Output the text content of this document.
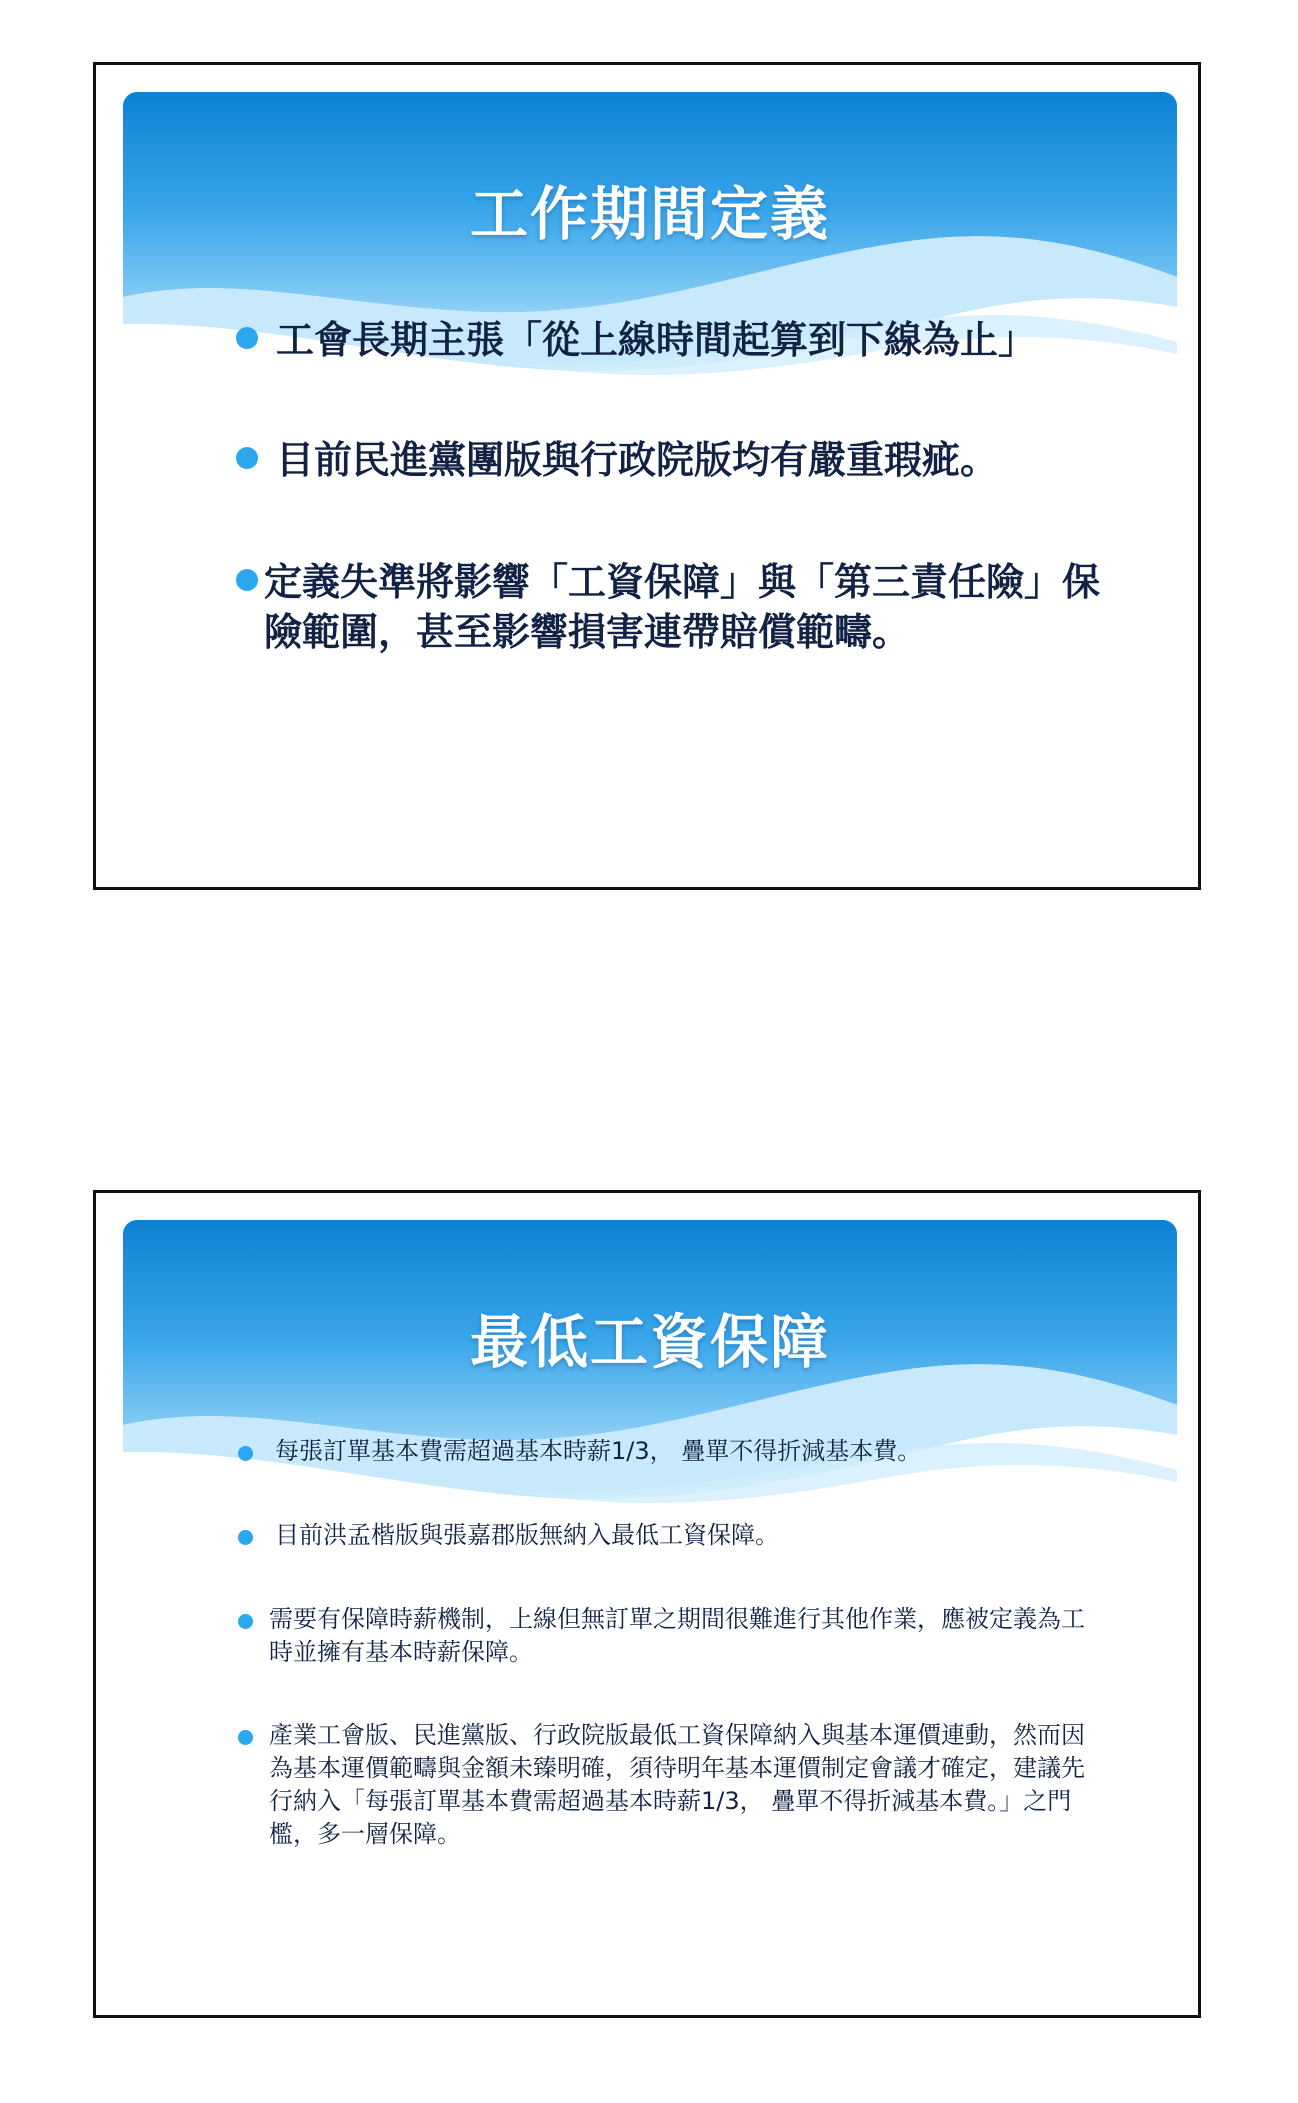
工作期間定義
工會長期主張「從上線時間起算到下線為止」
目前民進黨團版與行政院版均有嚴重瑕疵。
定義失準將影響「工資保障」與「第三責任險」保險範圍，甚至影響損害連帶賠償範疇。
最低工資保障
每張訂單基本費需超過基本時薪1/3， 疊單不得折減基本費。
目前洪孟楷版與張嘉郡版無納入最低工資保障。
需要有保障時薪機制，上線但無訂單之期間很難進行其他作業，應被定義為工時並擁有基本時薪保障。
產業工會版、民進黨版、行政院版最低工資保障納入與基本運價連動，然而因為基本運價範疇與金額未臻明確，須待明年基本運價制定會議才確定，建議先行納入「每張訂單基本費需超過基本時薪1/3， 疊單不得折減基本費。」之門檻，多一層保障。
